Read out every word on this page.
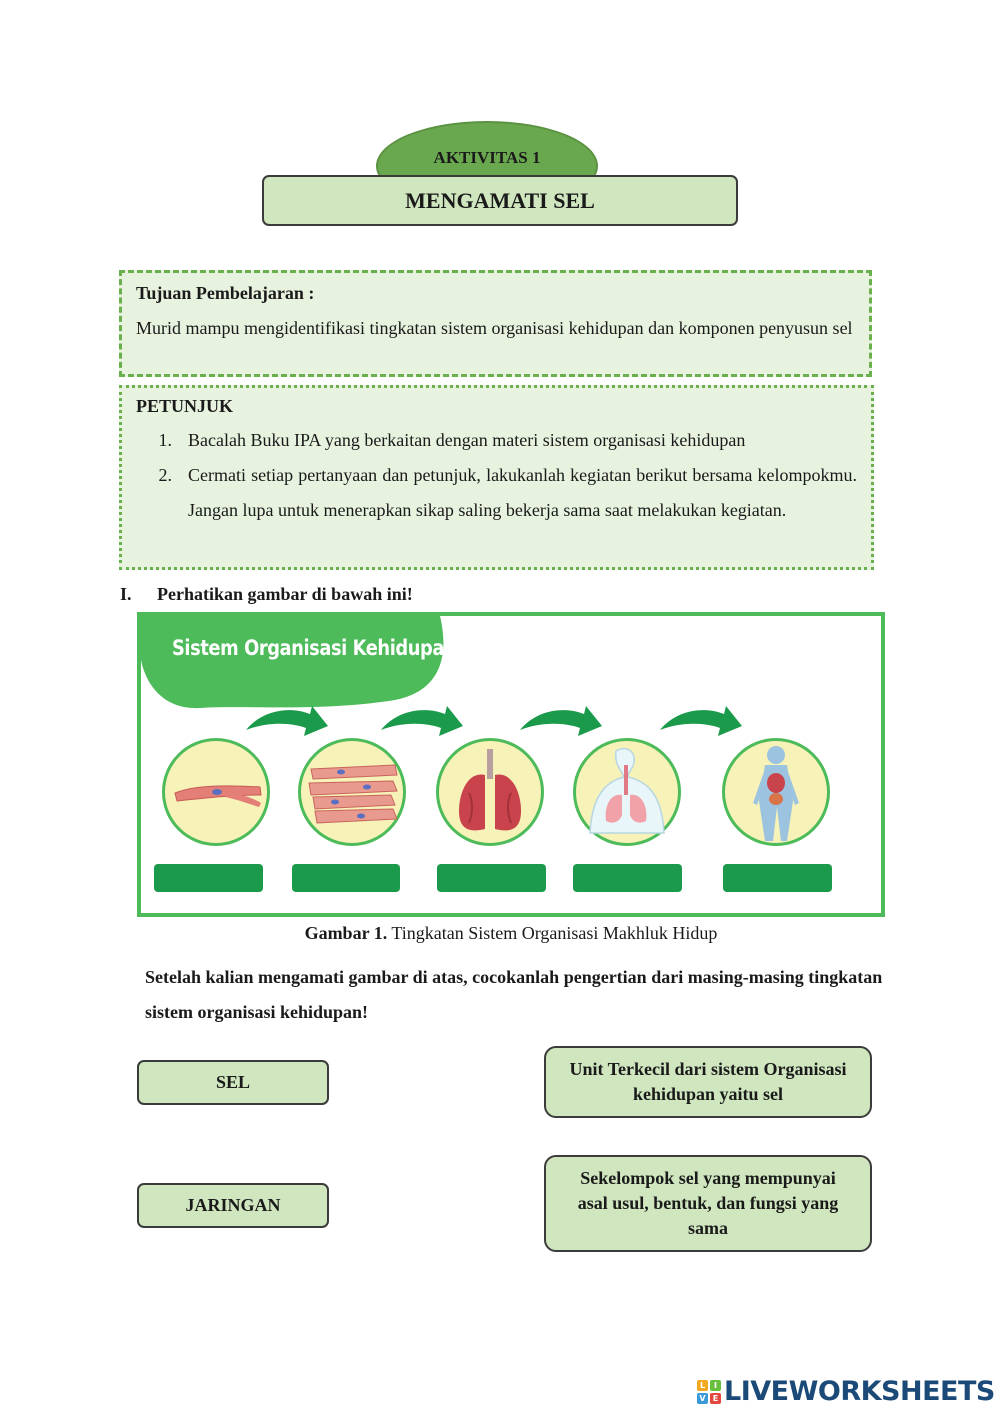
AKTIVITAS 1
MENGAMATI SEL
Tujuan Pembelajaran :
Murid mampu mengidentifikasi tingkatan sistem organisasi kehidupan dan komponen penyusun sel
PETUNJUK
1. Bacalah Buku IPA yang berkaitan dengan materi sistem organisasi kehidupan
2. Cermati setiap pertanyaan dan petunjuk, lakukanlah kegiatan berikut bersama kelompokmu. Jangan lupa untuk menerapkan sikap saling bekerja sama saat melakukan kegiatan.
I. Perhatikan gambar di bawah ini!
Sistem Organisasi Kehidupan
Gambar 1. Tingkatan Sistem Organisasi Makhluk Hidup
Setelah kalian mengamati gambar di atas, cocokanlah pengertian dari masing-masing tingkatan sistem organisasi kehidupan!
SEL
JARINGAN
Unit Terkecil dari sistem Organisasi kehidupan yaitu sel
Sekelompok sel yang mempunyai asal usul, bentuk, dan fungsi yang sama
L	I
V E LIVEWORKSHEETS
